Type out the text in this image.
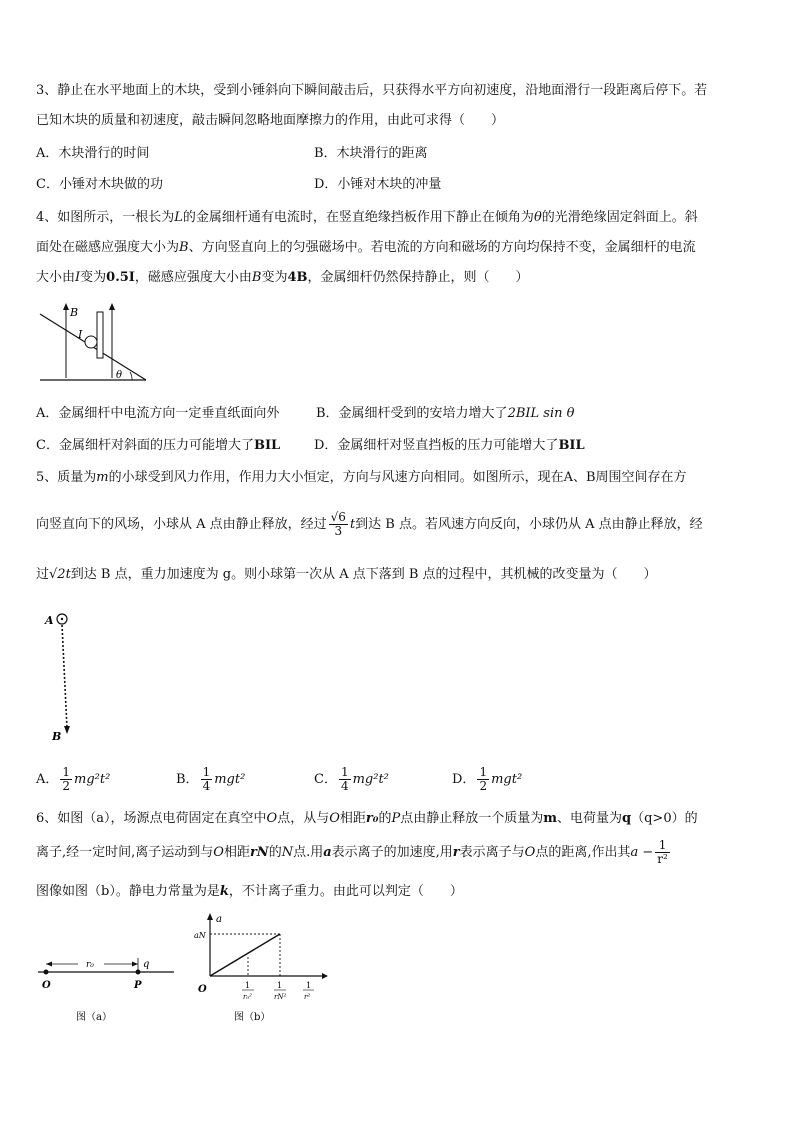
3、静止在水平地面上的木块，受到小锤斜向下瞬间敲击后，只获得水平方向初速度，沿地面滑行一段距离后停下。若
已知木块的质量和初速度，敲击瞬间忽略地面摩擦力的作用，由此可求得（　　）
A．木块滑行的时间	B．木块滑行的距离
C．小锤对木块做的功	D．小锤对木块的冲量
4、如图所示，一根长为L的金属细杆通有电流时，在竖直绝缘挡板作用下静止在倾角为θ的光滑绝缘固定斜面上。斜
面处在磁感应强度大小为B、方向竖直向上的匀强磁场中。若电流的方向和磁场的方向均保持不变，金属细杆的电流
大小由I变为0.5I，磁感应强度大小由B变为4B，金属细杆仍然保持静止，则（　　）
B
I
θ
A．金属细杆中电流方向一定垂直纸面向外	B．金属细杆受到的安培力增大了2BIL sin θ
C．金属细杆对斜面的压力可能增大了BIL	D．金属细杆对竖直挡板的压力可能增大了BIL
5、质量为m的小球受到风力作用，作用力大小恒定，方向与风速方向相同。如图所示，现在A、B周围空间存在方
向竖直向下的风场，小球从 A 点由静止释放，经过 $\frac{√6}{3}$ t到达 B 点。若风速方向反向，小球仍从 A 点由静止释放，经
过√2t到达 B 点，重力加速度为 g。则小球第一次从 A 点下落到 B 点的过程中，其机械的改变量为（　　）
A
B
A． $\frac{1}{2} mg^2t^2$	B． $\frac{1}{4} mgt^2$	C． $\frac{1}{4} mg^2t^2$	D． $\frac{1}{2} mgt^2$
6、如图（a），场源点电荷固定在真空中O点，从与O相距r₀的P点由静止释放一个质量为m、电荷量为q（q>0）的
离子,经一定时间,离子运动到与O相距rN的N点.用a表示离子的加速度,用r表示离子与O点的距离,作出其$a - \frac{1}{\text{r²}}$
图像如图（b）。静电力常量为是k，不计离子重力。由此可以判定（　　）
r₀	q
O	P
图（a）
a
aN
O	1
r₀²
1
rN²
1
r²
图（b）
